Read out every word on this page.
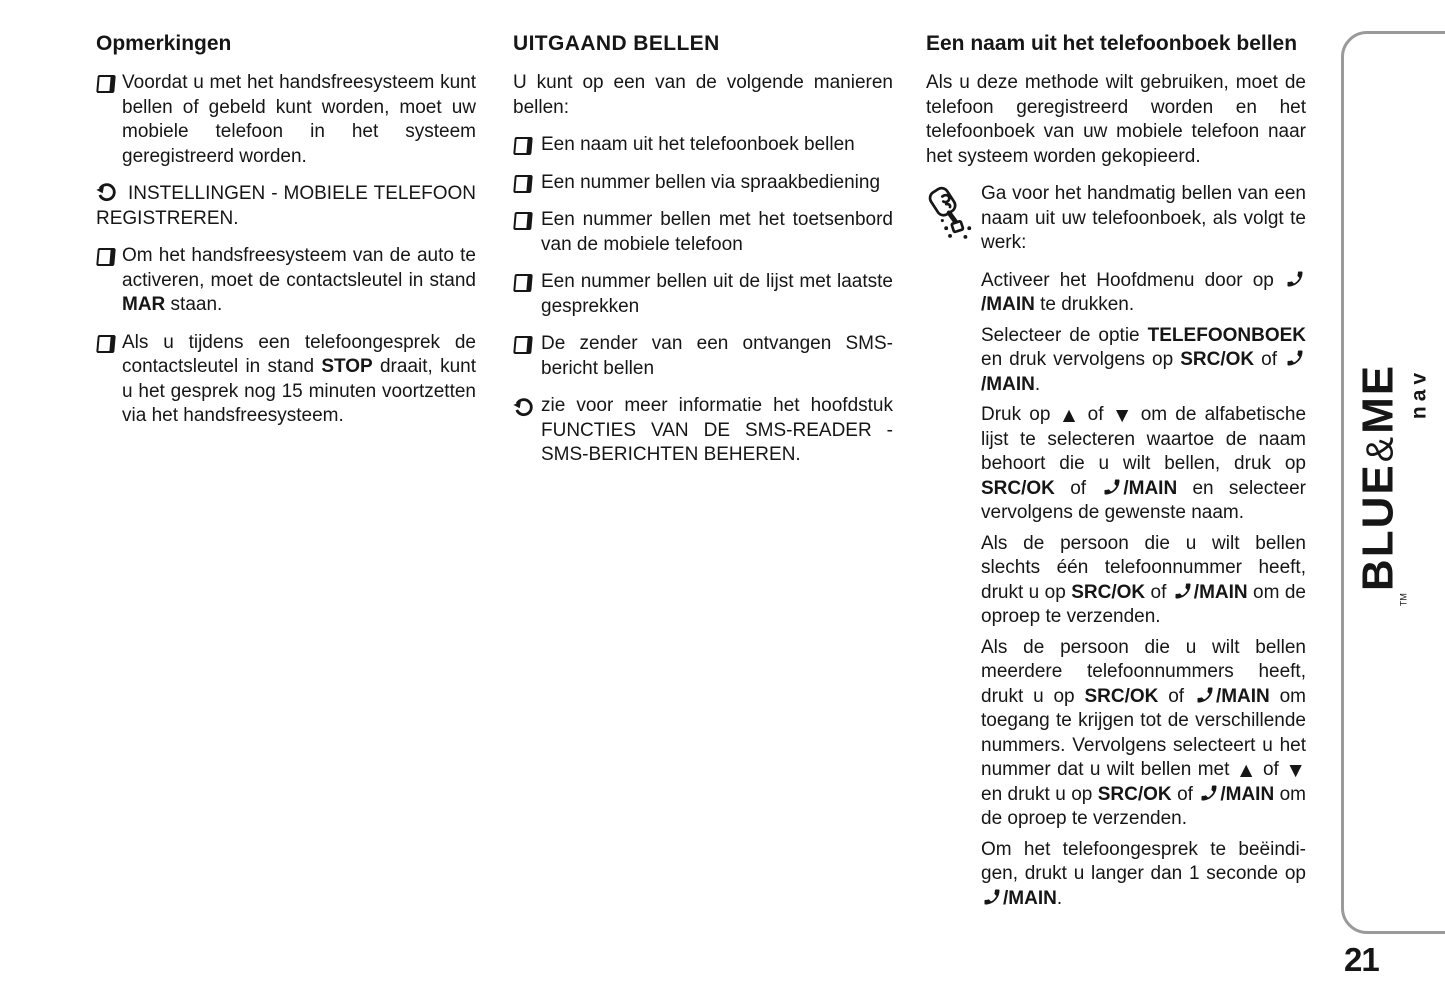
Opmerkingen

Voordat u met het handsfreesysteem kunt bellen of gebeld kunt worden, moet uw mobiele telefoon in het systeem geregistreerd worden.

INSTELLINGEN - MOBIELE TELEFOON REGISTREREN.

Om het handsfreesysteem van de auto te activeren, moet de contactsleutel in stand MAR staan.

Als u tijdens een telefoongesprek de contactsleutel in stand STOP draait, kunt u het gesprek nog 15 minuten voortzetten via het handsfreesysteem.

UITGAAND BELLEN

U kunt op een van de volgende manieren bellen:

Een naam uit het telefoonboek bellen

Een nummer bellen via spraakbediening

Een nummer bellen met het toetsenbord van de mobiele telefoon

Een nummer bellen uit de lijst met laatste gesprekken

De zender van een ontvangen SMS-bericht bellen

zie voor meer informatie het hoofdstuk FUNCTIES VAN DE SMS-READER - SMS-BERICHTEN BEHEREN.

Een naam uit het telefoonboek bellen

Als u deze methode wilt gebruiken, moet de telefoon geregistreerd worden en het telefoonboek van uw mobiele telefoon naar het systeem worden gekopieerd.

Ga voor het handmatig bellen van een naam uit uw telefoonboek, als volgt te werk:

Activeer het Hoofdmenu door op
/MAIN te drukken.

Selecteer de optie TELEFOONBOEK en druk vervolgens op SRC/OK of
/MAIN.

Druk op ▲ of ▼ om de alfabetische lijst te selecteren waartoe de naam behoort die u wilt bellen, druk op SRC/OK of
/MAIN en selecteer vervolgens de gewenste naam.

Als de persoon die u wilt bellen slechts één telefoonnummer heeft, drukt u op SRC/OK of
/MAIN om de oproep te verzenden.

Als de persoon die u wilt bellen meerdere telefoonnummers heeft, drukt u op SRC/OK of
/MAIN om toegang te krijgen tot de verschillende nummers. Vervolgens selecteert u het nummer dat u wilt bellen met ▲ of ▼ en drukt u op SRC/OK of
/MAIN om de oproep te verzenden.

Om het telefoongesprek te beëindigen, drukt u langer dan 1 seconde op
/MAIN.

$_{TM}$BLUE&ME nav
21
